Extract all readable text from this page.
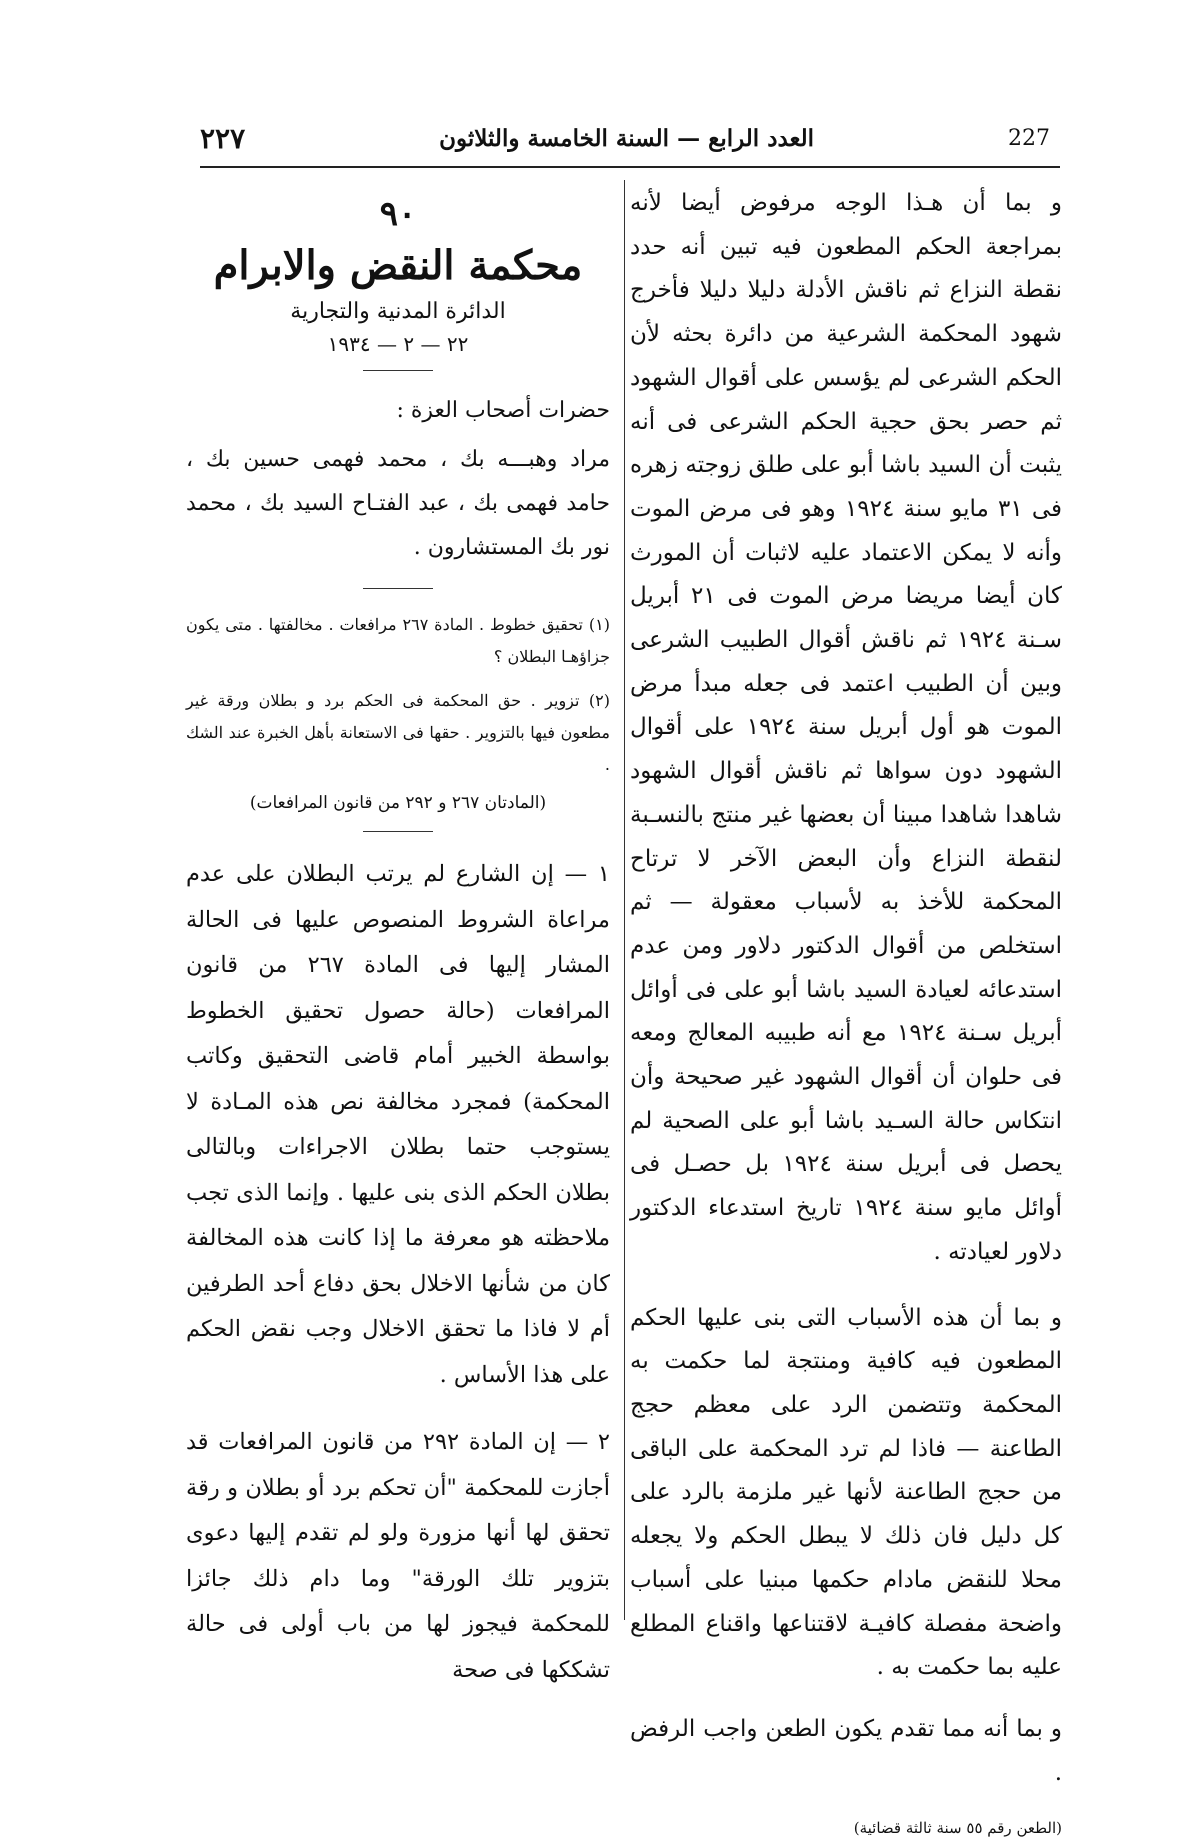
٢٢٧	العدد الرابع — السنة الخامسة والثلاثون	227

و بما أن هـذا الوجه مرفوض أيضا لأنه بمراجعة الحكم المطعون فيه تبين أنه حدد نقطة النزاع ثم ناقش الأدلة دليلا دليلا فأخرج شهود المحكمة الشرعية من دائرة بحثه لأن الحكم الشرعى لم يؤسس على أقوال الشهود ثم حصر بحق حجية الحكم الشرعى فى أنه يثبت أن السيد باشا أبو على طلق زوجته زهره فى ٣١ مايو سنة ١٩٢٤ وهو فى مرض الموت وأنه لا يمكن الاعتماد عليه لاثبات أن المورث كان أيضا مريضا مرض الموت فى ٢١ أبريل سـنة ١٩٢٤ ثم ناقش أقوال الطبيب الشرعى وبين أن الطبيب اعتمد فى جعله مبدأ مرض الموت هو أول أبريل سنة ١٩٢٤ على أقوال الشهود دون سواها ثم ناقش أقوال الشهود شاهدا شاهدا مبينا أن بعضها غير منتج بالنسـبة لنقطة النزاع وأن البعض الآخر لا ترتاح المحكمة للأخذ به لأسباب معقولة — ثم استخلص من أقوال الدكتور دلاور ومن عدم استدعائه لعيادة السيد باشا أبو على فى أوائل أبريل سـنة ١٩٢٤ مع أنه طبيبه المعالج ومعه فى حلوان أن أقوال الشهود غير صحيحة وأن انتكاس حالة السـيد باشا أبو على الصحية لم يحصل فى أبريل سنة ١٩٢٤ بل حصـل فى أوائل مايو سنة ١٩٢٤ تاريخ استدعاء الدكتور دلاور لعيادته .

و بما أن هذه الأسباب التى بنى عليها الحكم المطعون فيه كافية ومنتجة لما حكمت به المحكمة وتتضمن الرد على معظم حجج الطاعنة — فاذا لم ترد المحكمة على الباقى من حجج الطاعنة لأنها غير ملزمة بالرد على كل دليل فان ذلك لا يبطل الحكم ولا يجعله محلا للنقض مادام حكمها مبنيا على أسباب واضحة مفصلة كافيـة لاقتناعها واقناع المطلع عليه بما حكمت به .

و بما أنه مما تقدم يكون الطعن واجب الرفض .

(الطعن رقم ٥٥ سنة ثالثة قضائية)
٩٠
محكمة النقض والابرام
الدائرة المدنية والتجارية
٢٢ — ٢ — ١٩٣٤

حضرات أصحاب العزة :

مراد وهبـــه بك ، محمد فهمى حسين بك ، حامد فهمى بك ، عبد الفتـاح السيد بك ، محمد نور بك المستشارون .

(١) تحقيق خطوط . المادة ٢٦٧ مرافعات . مخالفتها . متى يكون جزاؤهـا البطلان ؟

(٢) تزوير . حق المحكمة فى الحكم برد و بطلان ورقة غير مطعون فيها بالتزوير . حقها فى الاستعانة بأهل الخبرة عند الشك .

(المادتان ٢٦٧ و ٢٩٢ من قانون المرافعات)

١ — إن الشارع لم يرتب البطلان على عدم مراعاة الشروط المنصوص عليها فى الحالة المشار إليها فى المادة ٢٦٧ من قانون المرافعات (حالة حصول تحقيق الخطوط بواسطة الخبير أمام قاضى التحقيق وكاتب المحكمة) فمجرد مخالفة نص هذه المـادة لا يستوجب حتما بطلان الاجراءات وبالتالى بطلان الحكم الذى بنى عليها . وإنما الذى تجب ملاحظته هو معرفة ما إذا كانت هذه المخالفة كان من شأنها الاخلال بحق دفاع أحد الطرفين أم لا فاذا ما تحقق الاخلال وجب نقض الحكم على هذا الأساس .

٢ — إن المادة ٢٩٢ من قانون المرافعات قد أجازت للمحكمة "أن تحكم برد أو بطلان و رقة تحقق لها أنها مزورة ولو لم تقدم إليها دعوى بتزوير تلك الورقة" وما دام ذلك جائزا للمحكمة فيجوز لها من باب أولى فى حالة تشككها فى صحة
